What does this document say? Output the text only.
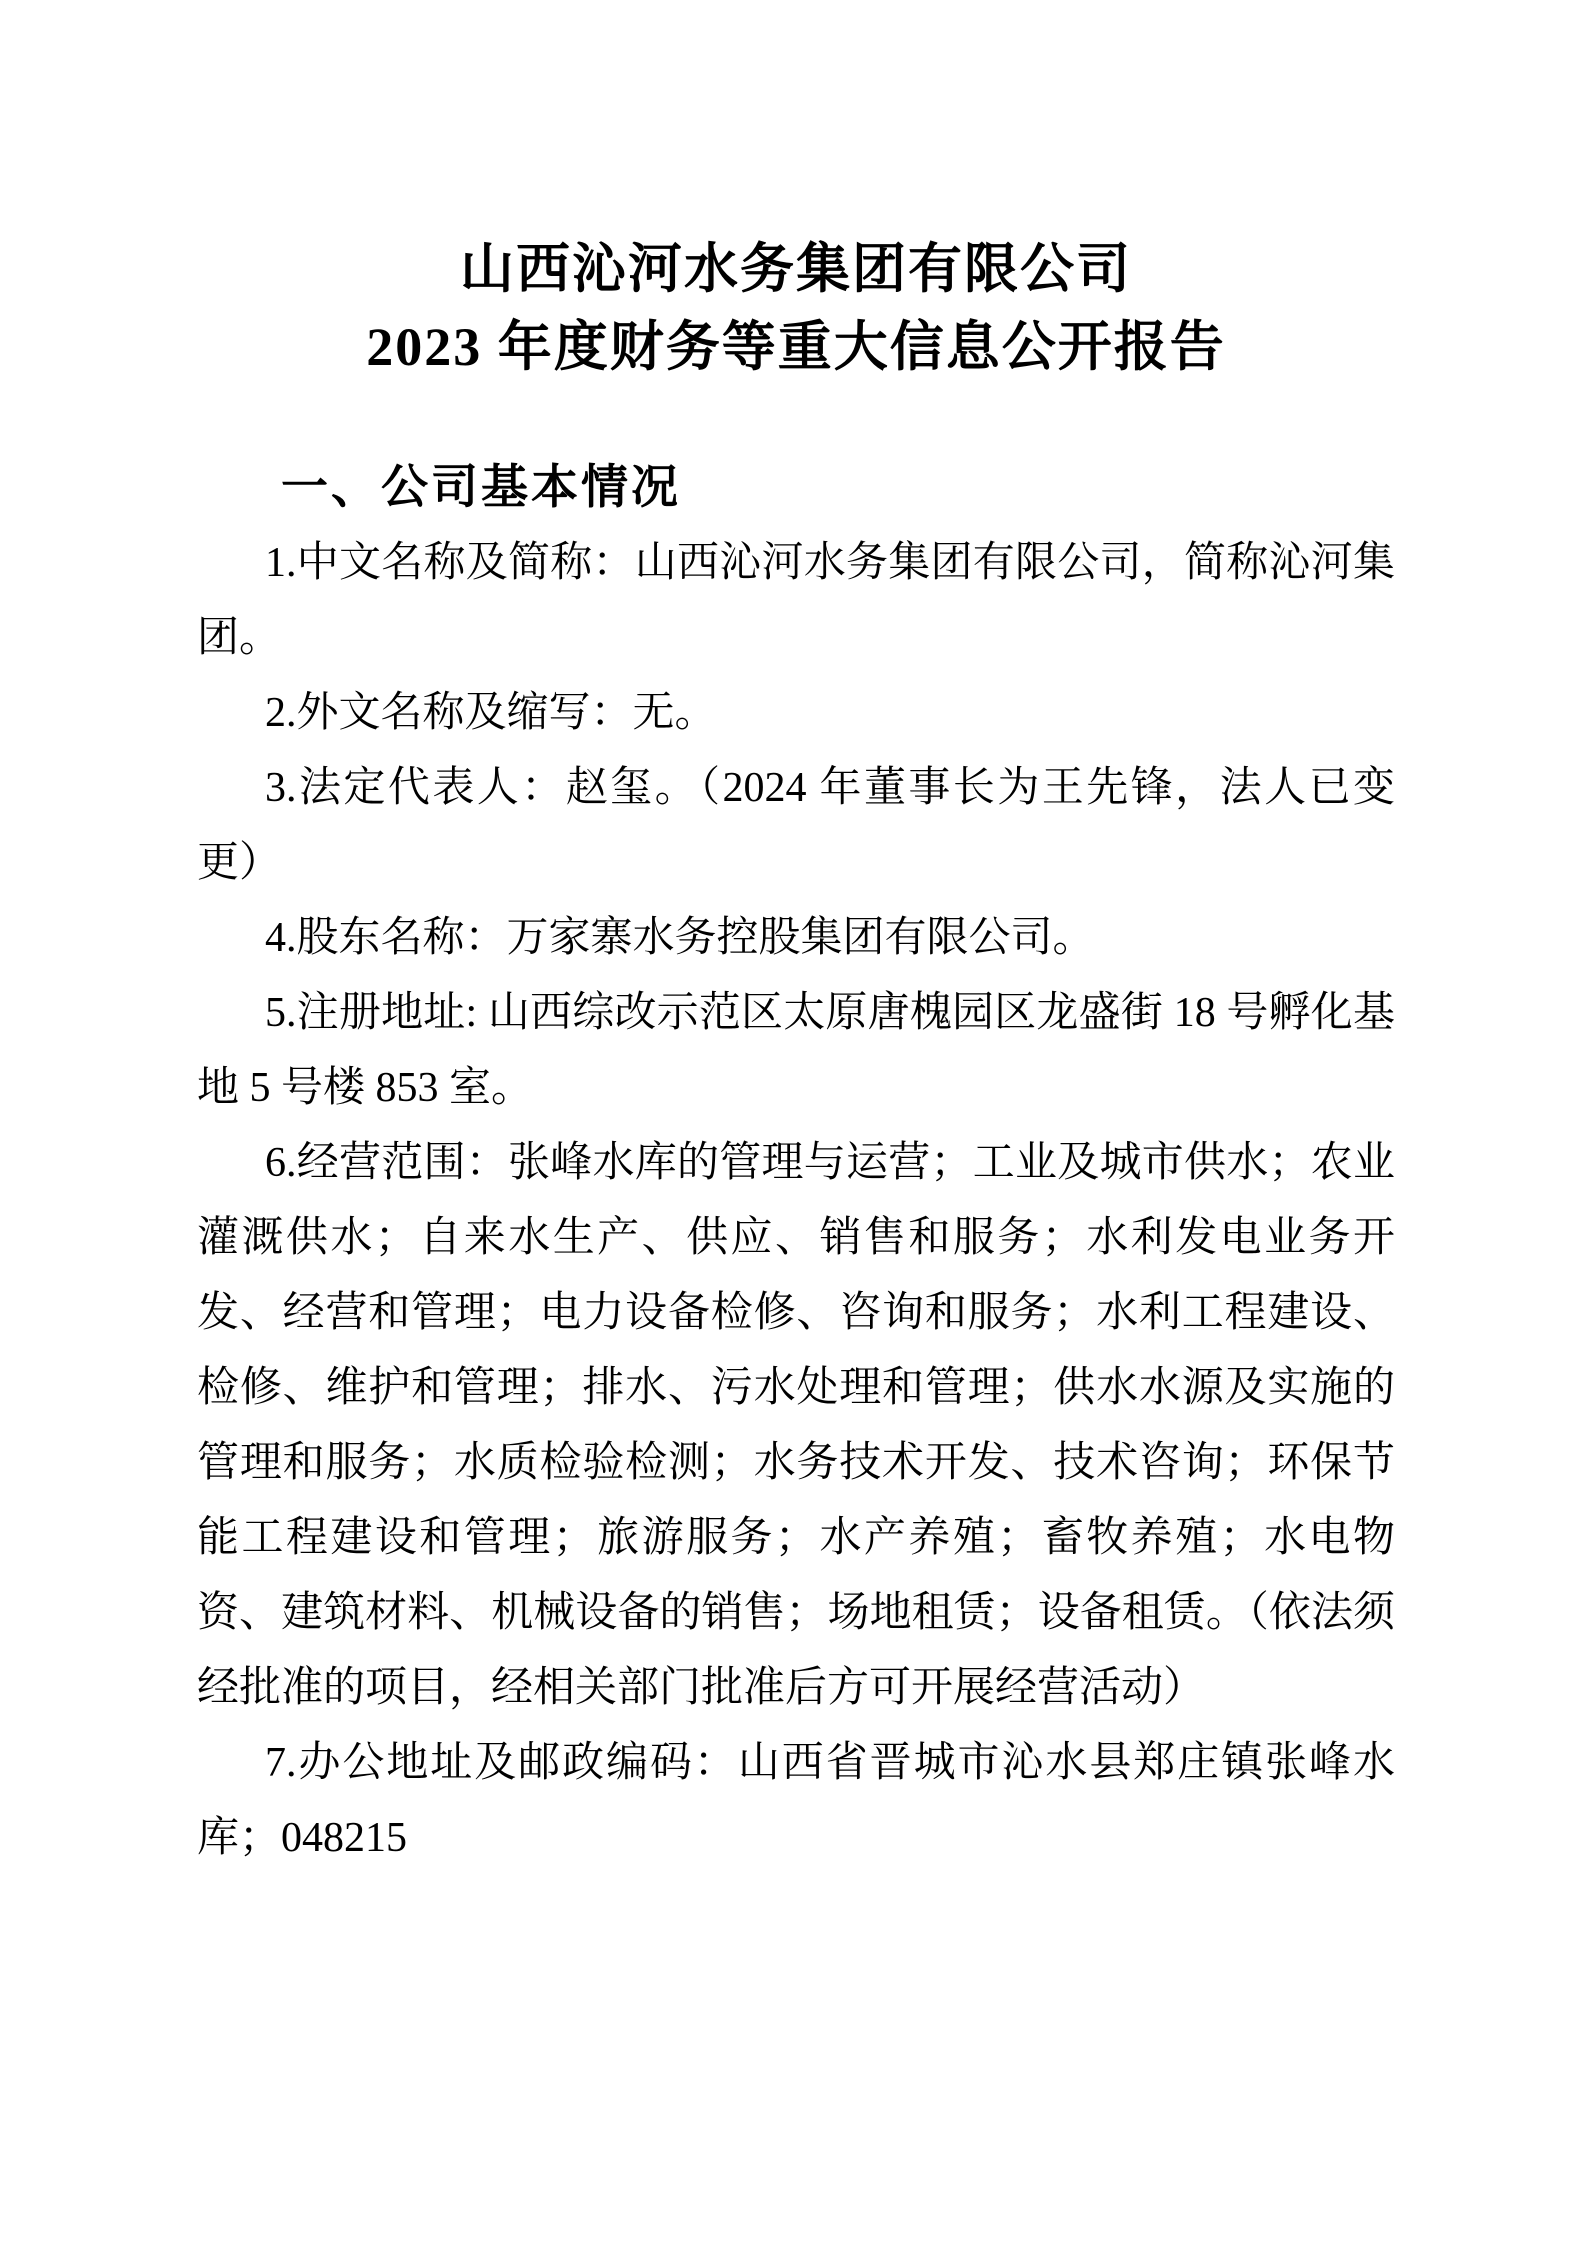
山西沁河水务集团有限公司
2023 年度财务等重大信息公开报告
一、公司基本情况

1.中文名称及简称：山西沁河水务集团有限公司，简称沁河集团。

2.外文名称及缩写：无。

3.法定代表人：赵玺。（2024 年董事长为王先锋，法人已变更）

4.股东名称：万家寨水务控股集团有限公司。

5.注册地址: 山西综改示范区太原唐槐园区龙盛街 18 号孵化基地 5 号楼 853 室。

6.经营范围：张峰水库的管理与运营；工业及城市供水；农业灌溉供水；自来水生产、供应、销售和服务；水利发电业务开发、经营和管理；电力设备检修、咨询和服务；水利工程建设、检修、维护和管理；排水、污水处理和管理；供水水源及实施的管理和服务；水质检验检测；水务技术开发、技术咨询；环保节能工程建设和管理；旅游服务；水产养殖；畜牧养殖；水电物资、建筑材料、机械设备的销售；场地租赁；设备租赁。（依法须经批准的项目，经相关部门批准后方可开展经营活动）

7.办公地址及邮政编码：山西省晋城市沁水县郑庄镇张峰水库；048215
